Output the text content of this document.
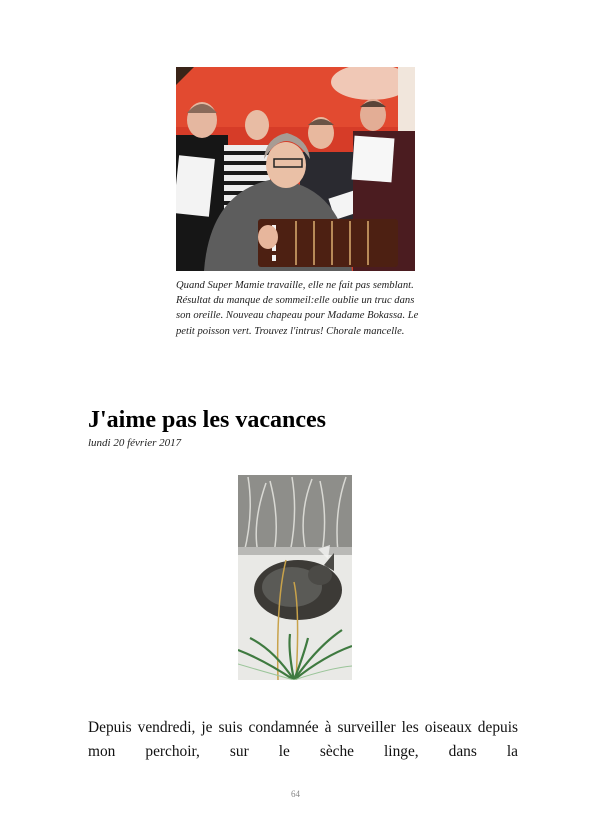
Quand Super Mamie travaille, elle ne fait pas semblant. Résultat du manque de sommeil:elle oublie un truc dans son oreille. Nouveau chapeau pour Madame Bokassa. Le petit poisson vert. Trouvez l'intrus! Chorale mancelle.
J'aime pas les vacances
lundi 20 février 2017

Depuis vendredi, je suis condamnée à surveiller les oiseaux depuis mon perchoir, sur le sèche linge, dans la

64
